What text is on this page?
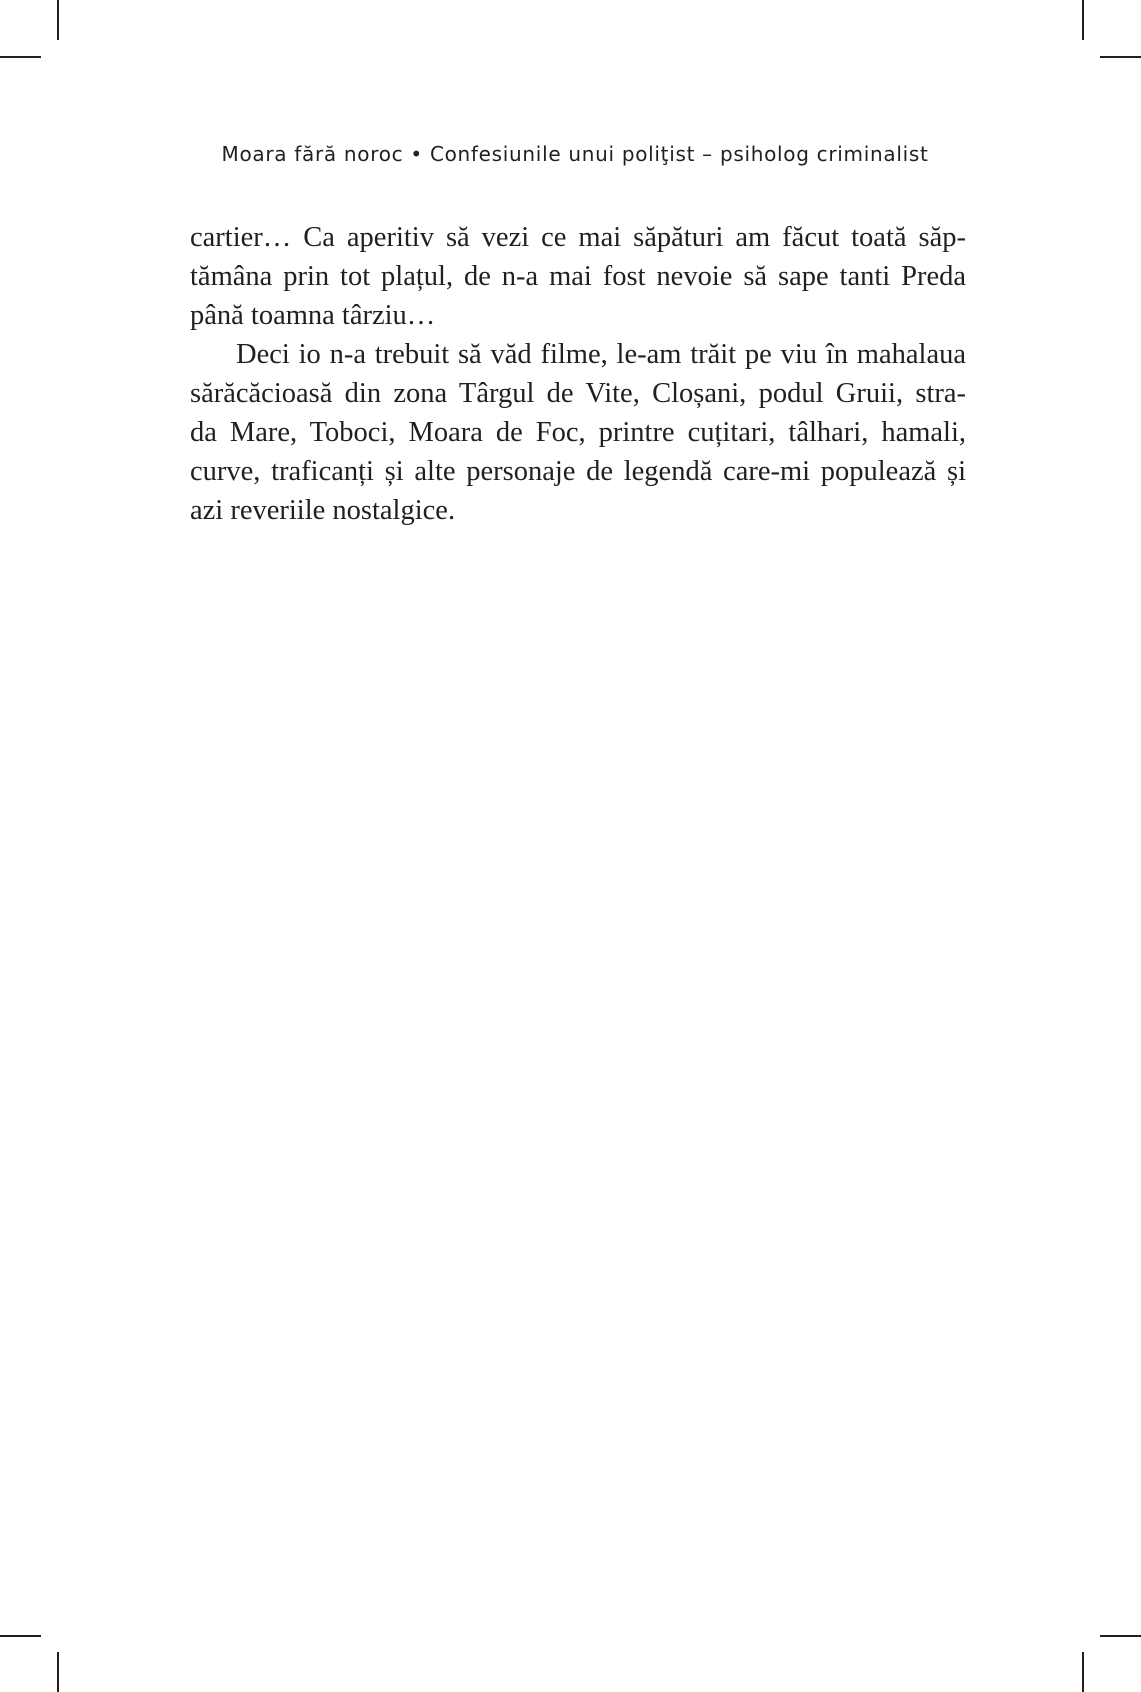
Moara fără noroc • Confesiunile unui poliţist – psiholog criminalist
cartier… Ca aperitiv să vezi ce mai săpături am făcut toată săp-
tămâna prin tot plațul, de n-a mai fost nevoie să sape tanti Preda
până toamna târziu…
Deci io n-a trebuit să văd filme, le-am trăit pe viu în mahalaua
sărăcăcioasă din zona Târgul de Vite, Cloșani, podul Gruii, stra-
da Mare, Toboci, Moara de Foc, printre cuțitari, tâlhari, hamali,
curve, traficanți și alte personaje de legendă care-mi populează și
azi reveriile nostalgice.
